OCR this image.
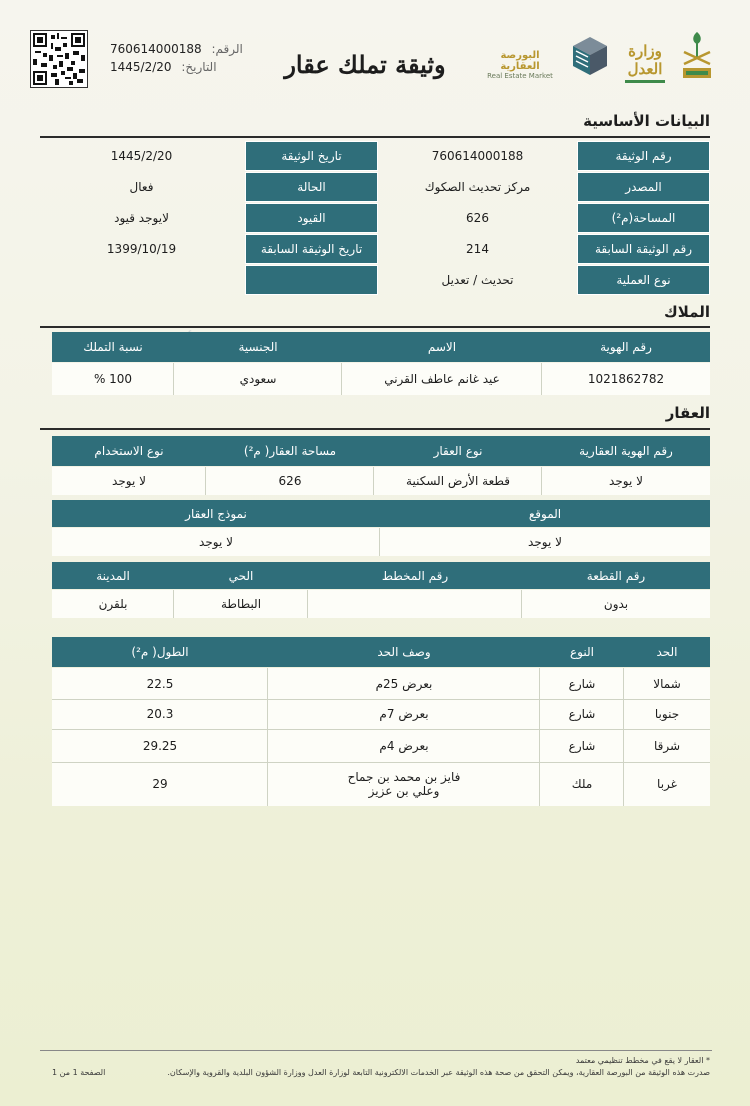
الرقم: 760614000188
التاريخ: 1445/2/20	وثيقة تملك عقار	البورصة العقارية
Real Estate Market
وزارة العدل
البيانات الأساسية
رقم الوثيقة
760614000188
تاريخ الوثيقة
1445/2/20
المصدر
مركز تحديث الصكوك
الحالة
فعال
المساحة(م²)
626
القيود
لايوجد قيود
رقم الوثيقة السابقة
214
تاريخ الوثيقة السابقة
1399/10/19
نوع العملية
تحديث / تعديل
الملاك
رقم الهوية
الاسم
الجنسية
نسبة التملك
1021862782
عيد غانم عاطف القرني
سعودي
100 %
العقار
رقم الهوية العقارية
نوع العقار
مساحة العقار( م²)
نوع الاستخدام
لا يوجد
قطعة الأرض السكنية
626
لا يوجد
الموقع
نموذج العقار
لا يوجد
لا يوجد
رقم القطعة
رقم المخطط
الحي
المدينة
بدون
البطاطة
بلقرن
الحد
النوع
وصف الحد
الطول( م²)
شمالا
شارع
بعرض 25م
22.5
جنوبا
شارع
بعرض 7م
20.3
شرقا
شارع
بعرض 4م
29.25
غربا
ملك
فايز بن محمد بن جماح وعلي بن عزيز
29
* العقار لا يقع في مخطط تنظيمي معتمد
صدرت هذه الوثيقة من البورصة العقارية، ويمكن التحقق من صحة هذه الوثيقة عبر الخدمات الالكترونية التابعة لوزارة العدل ووزارة الشؤون البلدية والقروية والإسكان.
الصفحة 1 من 1
